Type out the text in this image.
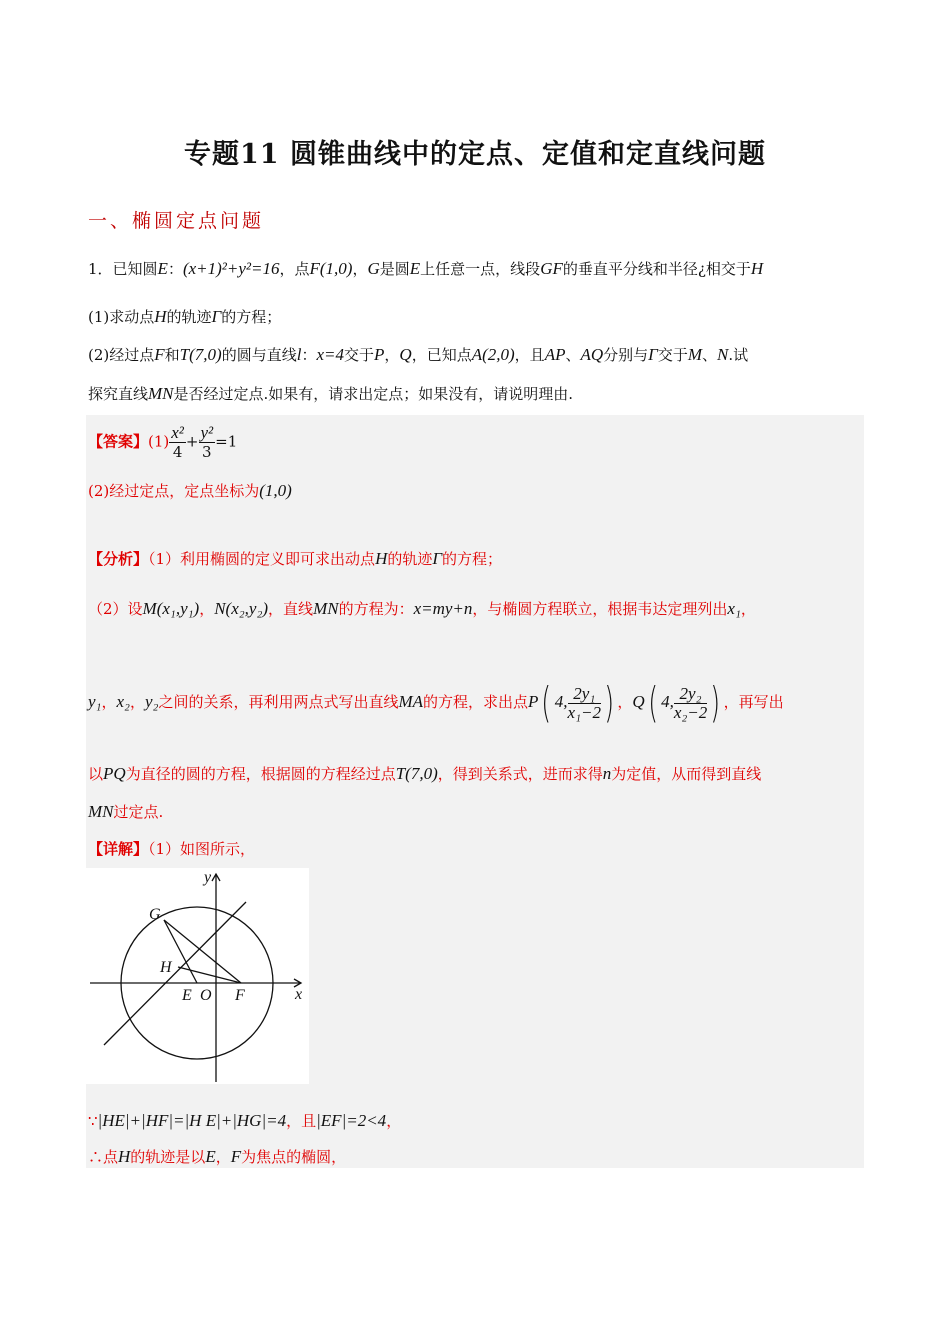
专题11 圆锥曲线中的定点、定值和定直线问题
一、椭圆定点问题
1．已知圆E：(x+1)²+y²=16，点F(1,0)，G是圆E上任意一点，线段GF的垂直平分线和半径¿相交于H
(1)求动点H的轨迹Γ的方程；
(2)经过点F和T(7,0)的圆与直线l：x=4交于P，Q，已知点A(2,0)，且AP、AQ分别与Γ交于M、N.试
探究直线MN是否经过定点.如果有，请求出定点；如果没有，请说明理由.
【答案】$(1) \frac{\text{x²}}{4} + \frac{\text{y²}}{3} =1$
(2)经过定点，定点坐标为(1,0)
【分析】（1）利用椭圆的定义即可求出动点H的轨迹Γ的方程；
（2）设M(x₁,y₁)，N(x₂,y₂)，直线MN的方程为：x=my+n，与椭圆方程联立，根据韦达定理列出x₁，
y₁，x₂，y₂之间的关系，再利用两点式写出直线MA的方程，求出点P( 4, $\frac{\text{2y₁}}{\text{x₁−2}}$ ) ，Q( 4, $\frac{\text{2y₂}}{\text{x₂−2}}$ ) ，再写出
以PQ为直径的圆的方程，根据圆的方程经过点T(7,0)，得到关系式，进而求得n为定值，从而得到直线
MN过定点.
【详解】（1）如图所示，
y
x
G
H
E O F
∵|HE|+|HF|=|H E|+|HG|=4，且|EF|=2<4，
∴点H的轨迹是以E，F为焦点的椭圆，
